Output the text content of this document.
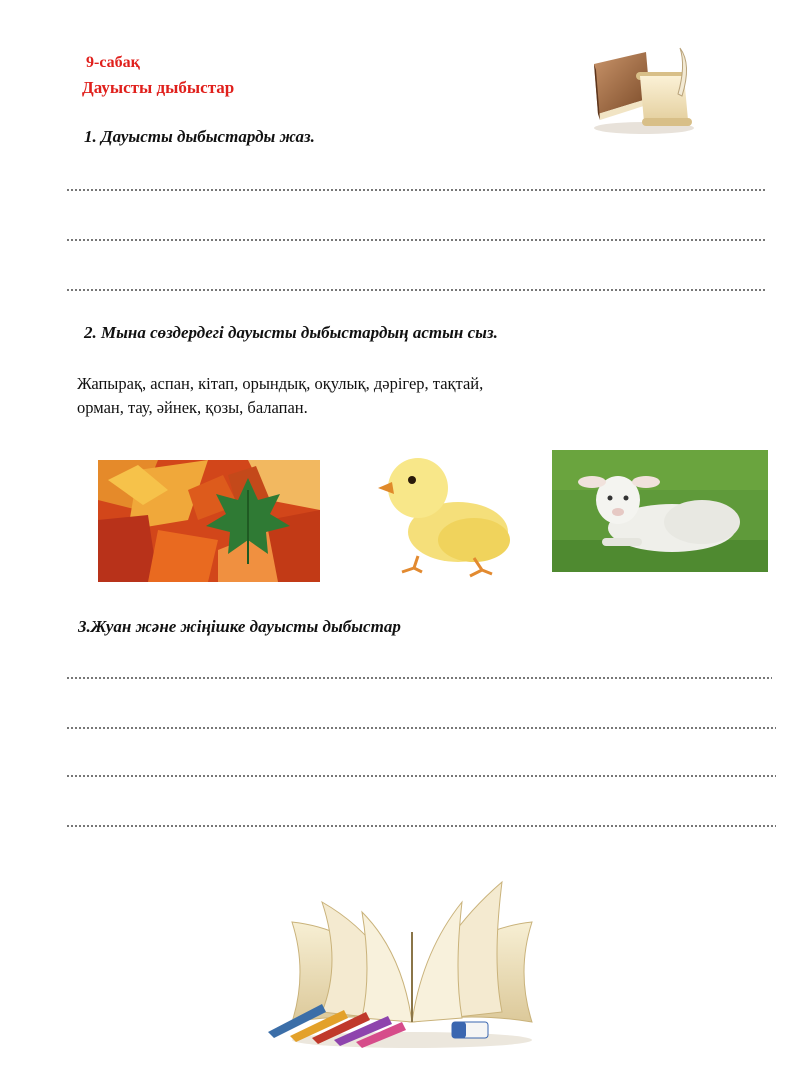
9-сабақ
Дауысты дыбыстар
1. Дауысты дыбыстарды жаз.
2. Мына сөздердегі дауысты дыбыстардың астын сыз.
Жапырақ, аспан, кітап, орындық, оқулық, дәрігер, тақтай,
орман, тау, әйнек, қозы, балапан.
3.Жуан және жіңішке дауысты дыбыстар
